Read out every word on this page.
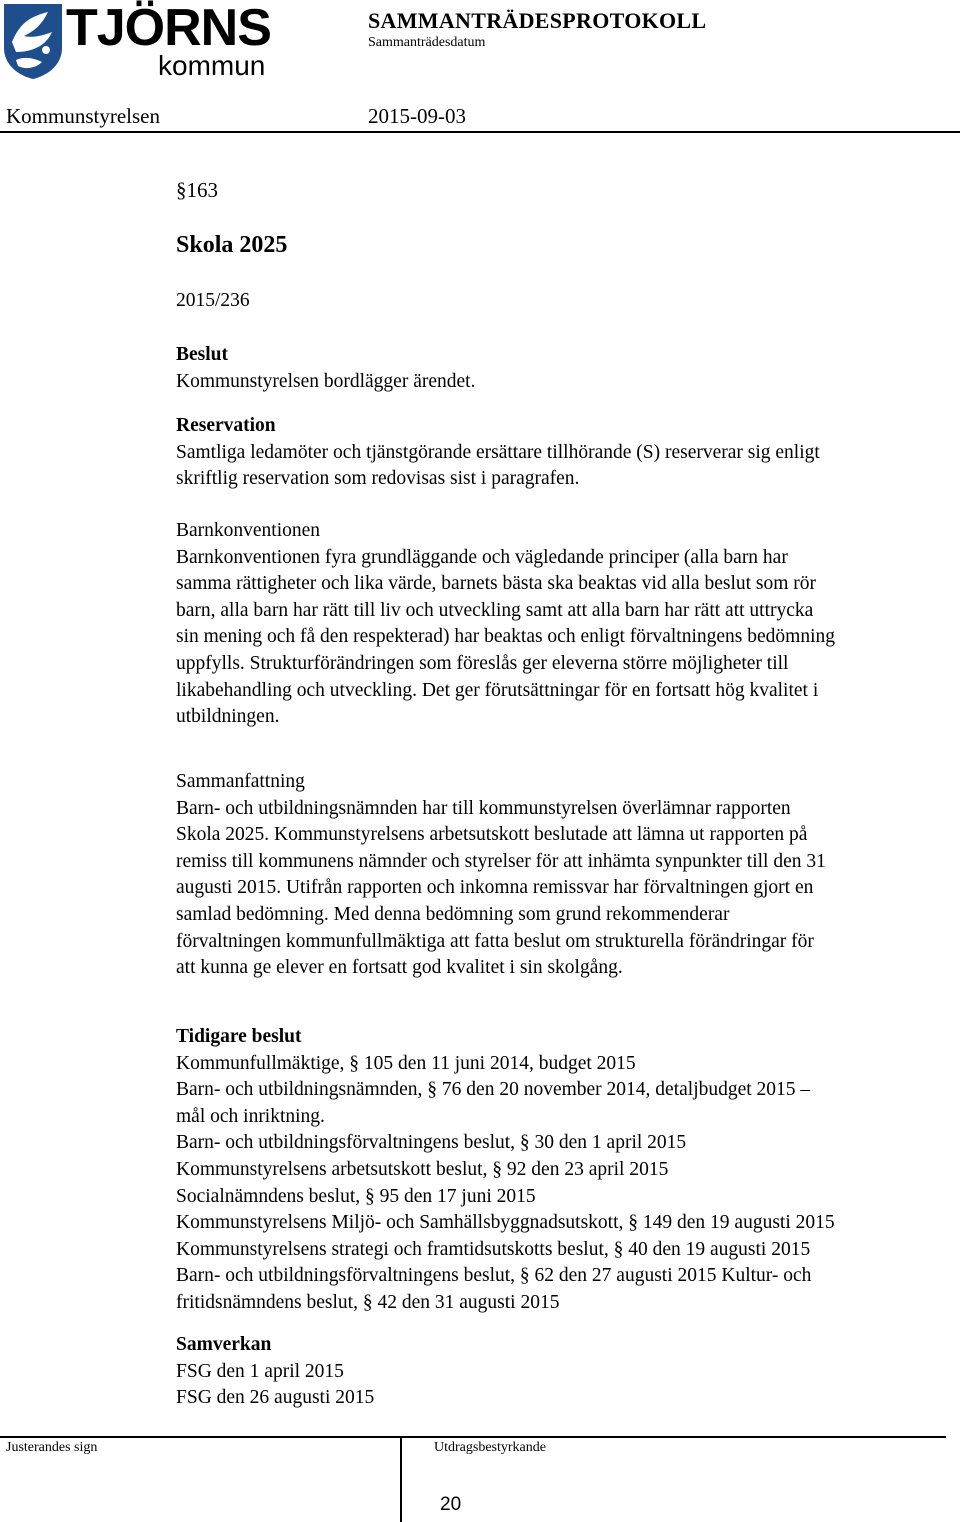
TJÖRNS
kommun
SAMMANTRÄDESPROTOKOLL
Sammanträdesdatum
Kommunstyrelsen	2015-09-03
§163
Skola 2025
2015/236
Beslut
Kommunstyrelsen bordlägger ärendet.
Reservation
Samtliga ledamöter och tjänstgörande ersättare tillhörande (S) reserverar sig enligt
skriftlig reservation som redovisas sist i paragrafen.
Barnkonventionen
Barnkonventionen fyra grundläggande och vägledande principer (alla barn har
samma rättigheter och lika värde, barnets bästa ska beaktas vid alla beslut som rör
barn, alla barn har rätt till liv och utveckling samt att alla barn har rätt att uttrycka
sin mening och få den respekterad) har beaktas och enligt förvaltningens bedömning
uppfylls. Strukturförändringen som föreslås ger eleverna större möjligheter till
likabehandling och utveckling. Det ger förutsättningar för en fortsatt hög kvalitet i
utbildningen.
Sammanfattning
Barn- och utbildningsnämnden har till kommunstyrelsen överlämnar rapporten
Skola 2025. Kommunstyrelsens arbetsutskott beslutade att lämna ut rapporten på
remiss till kommunens nämnder och styrelser för att inhämta synpunkter till den 31
augusti 2015. Utifrån rapporten och inkomna remissvar har förvaltningen gjort en
samlad bedömning. Med denna bedömning som grund rekommenderar
förvaltningen kommunfullmäktiga att fatta beslut om strukturella förändringar för
att kunna ge elever en fortsatt god kvalitet i sin skolgång.
Tidigare beslut
Kommunfullmäktige, § 105 den 11 juni 2014, budget 2015
Barn- och utbildningsnämnden, § 76 den 20 november 2014, detaljbudget 2015 –
mål och inriktning.
Barn- och utbildningsförvaltningens beslut, § 30 den 1 april 2015
Kommunstyrelsens arbetsutskott beslut, § 92 den 23 april 2015
Socialnämndens beslut, § 95 den 17 juni 2015
Kommunstyrelsens Miljö- och Samhällsbyggnadsutskott, § 149 den 19 augusti 2015
Kommunstyrelsens strategi och framtidsutskotts beslut, § 40 den 19 augusti 2015
Barn- och utbildningsförvaltningens beslut, § 62 den 27 augusti 2015 Kultur- och
fritidsnämndens beslut, § 42 den 31 augusti 2015
Samverkan
FSG den 1 april 2015
FSG den 26 augusti 2015
Justerandes sign	Utdragsbestyrkande
20
